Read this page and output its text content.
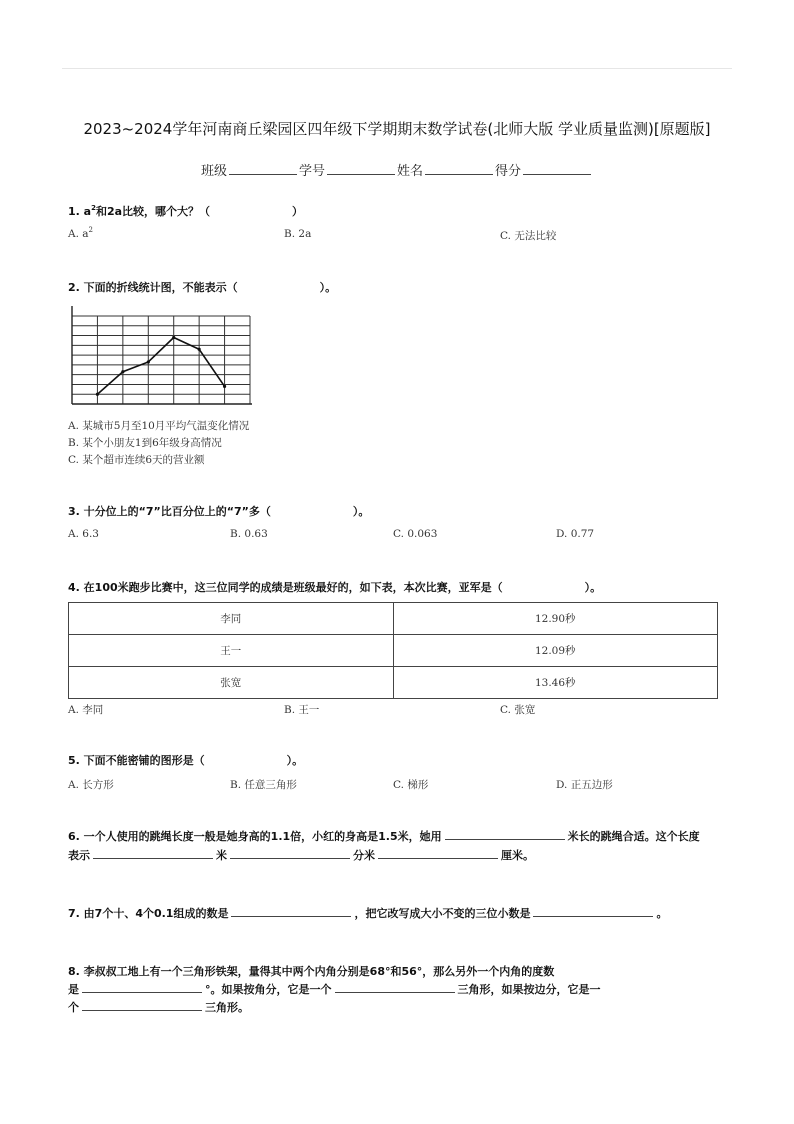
2023~2024学年河南商丘梁园区四年级下学期期末数学试卷(北师大版 学业质量监测)[原题版]
班级	学号	姓名	得分
1. $a^2$和2a比较，哪个大？（	）
A. $a^2$	B. 2a	C. 无法比较
2. 下面的折线统计图，不能表示（	）。
A. 某城市5月至10月平均气温变化情况
B. 某个小朋友1到6年级身高情况
C. 某个超市连续6天的营业额
3. 十分位上的“7”比百分位上的“7”多（	）。
A. 6.3	B. 0.63	C. 0.063	D. 0.77
4. 在100米跑步比赛中，这三位同学的成绩是班级最好的，如下表，本次比赛，亚军是（	）。
李同	12.90秒
王一	12.09秒
张宽	13.46秒
A. 李同	B. 王一	C. 张宽
5. 下面不能密铺的图形是（	）。
A. 长方形	B. 任意三角形	C. 梯形	D. 正五边形
6. 一个人使用的跳绳长度一般是她身高的1.1倍，小红的身高是1.5米，她用	米长的跳绳合适。这个长度
表示	米	分米	厘米。
7. 由7个十、4个0.1组成的数是	，把它改写成大小不变的三位小数是	。
8. 李叔叔工地上有一个三角形铁架，量得其中两个内角分别是68°和56°，那么另外一个内角的度数
是	°。如果按角分，它是一个	三角形，如果按边分，它是一
个	三角形。
